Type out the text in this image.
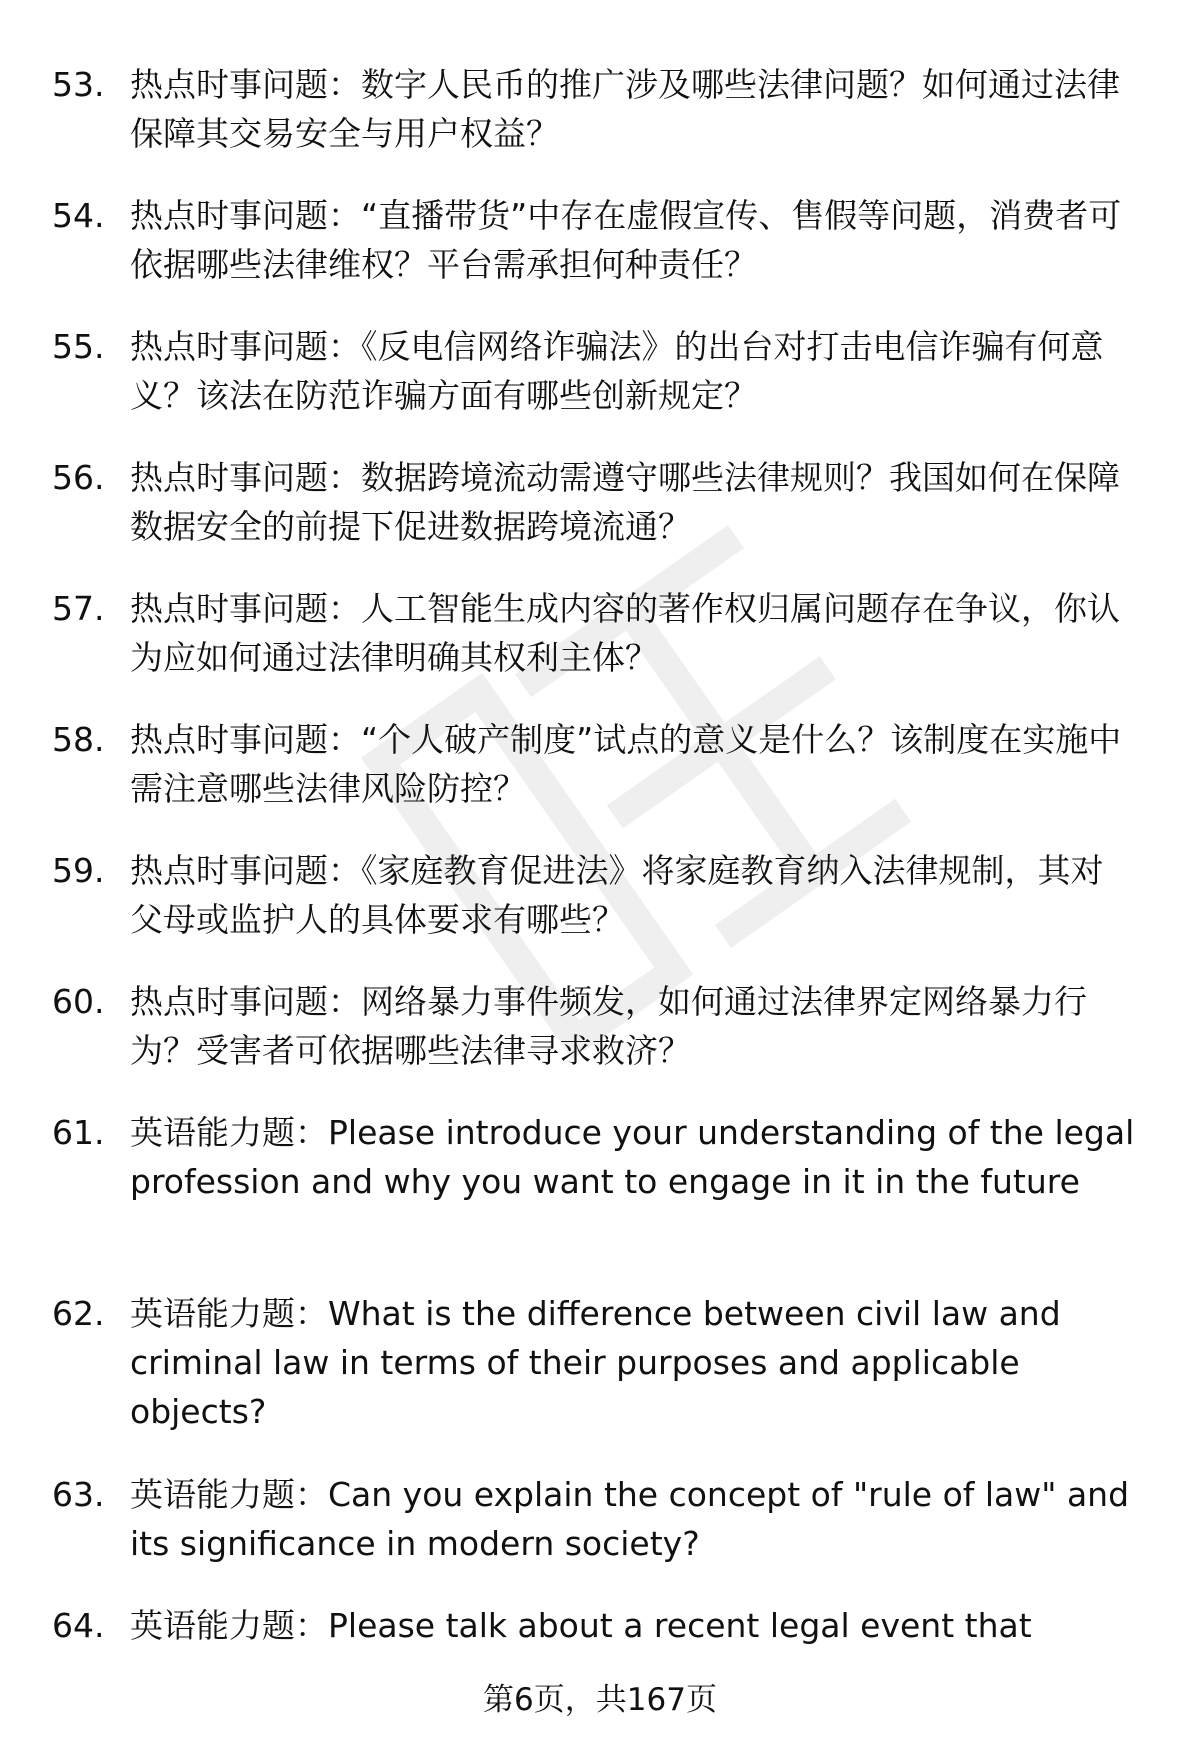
53. 热点时事问题：数字人民币的推广涉及哪些法律问题？如何通过法律保障其交易安全与用户权益？
54. 热点时事问题：“直播带货”中存在虚假宣传、售假等问题，消费者可依据哪些法律维权？平台需承担何种责任？
55. 热点时事问题：《反电信网络诈骗法》的出台对打击电信诈骗有何意义？该法在防范诈骗方面有哪些创新规定？
56. 热点时事问题：数据跨境流动需遵守哪些法律规则？我国如何在保障数据安全的前提下促进数据跨境流通？
57. 热点时事问题：人工智能生成内容的著作权归属问题存在争议，你认为应如何通过法律明确其权利主体？
58. 热点时事问题：“个人破产制度”试点的意义是什么？该制度在实施中需注意哪些法律风险防控？
59. 热点时事问题：《家庭教育促进法》将家庭教育纳入法律规制，其对父母或监护人的具体要求有哪些？
60. 热点时事问题：网络暴力事件频发，如何通过法律界定网络暴力行为？受害者可依据哪些法律寻求救济？
61. 英语能力题：Please introduce your understanding of the legal profession and why you want to engage in it in the future
62. 英语能力题：What is the difference between civil law and criminal law in terms of their purposes and applicable objects?
63. 英语能力题：Can you explain the concept of "rule of law" and its significance in modern society?
64. 英语能力题：Please talk about a recent legal event that
第6页，共167页
